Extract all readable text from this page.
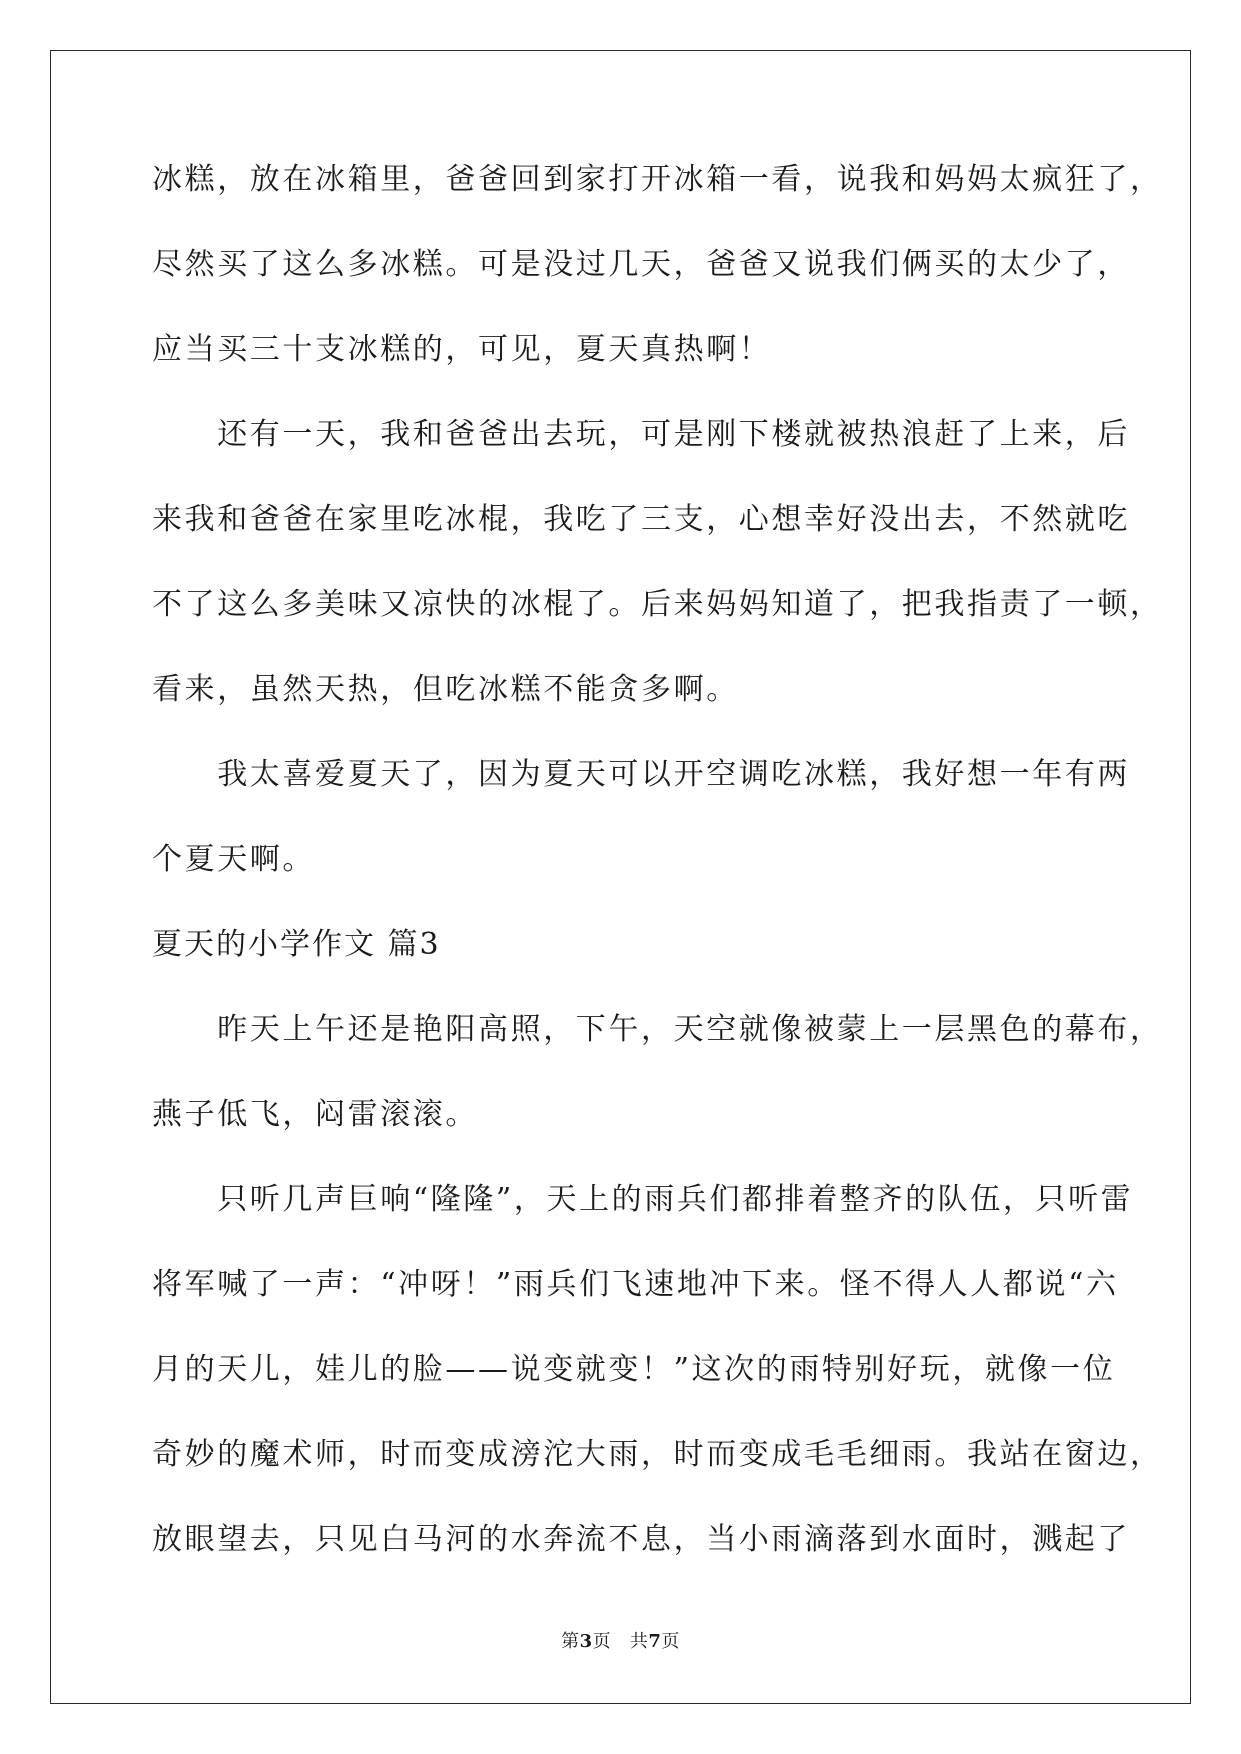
冰糕，放在冰箱里，爸爸回到家打开冰箱一看，说我和妈妈太疯狂了，
尽然买了这么多冰糕。可是没过几天，爸爸又说我们俩买的太少了，
应当买三十支冰糕的，可见，夏天真热啊！
　　还有一天，我和爸爸出去玩，可是刚下楼就被热浪赶了上来，后
来我和爸爸在家里吃冰棍，我吃了三支，心想幸好没出去，不然就吃
不了这么多美味又凉快的冰棍了。后来妈妈知道了，把我指责了一顿，
看来，虽然天热，但吃冰糕不能贪多啊。
　　我太喜爱夏天了，因为夏天可以开空调吃冰糕，我好想一年有两
个夏天啊。
夏天的小学作文 篇3
　　昨天上午还是艳阳高照，下午，天空就像被蒙上一层黑色的幕布，
燕子低飞，闷雷滚滚。
　　只听几声巨响“隆隆”，天上的雨兵们都排着整齐的队伍，只听雷
将军喊了一声：“冲呀！”雨兵们飞速地冲下来。怪不得人人都说“六
月的天儿，娃儿的脸——说变就变！”这次的雨特别好玩，就像一位
奇妙的魔术师，时而变成滂沱大雨，时而变成毛毛细雨。我站在窗边，
放眼望去，只见白马河的水奔流不息，当小雨滴落到水面时，溅起了
第3页   共7页
